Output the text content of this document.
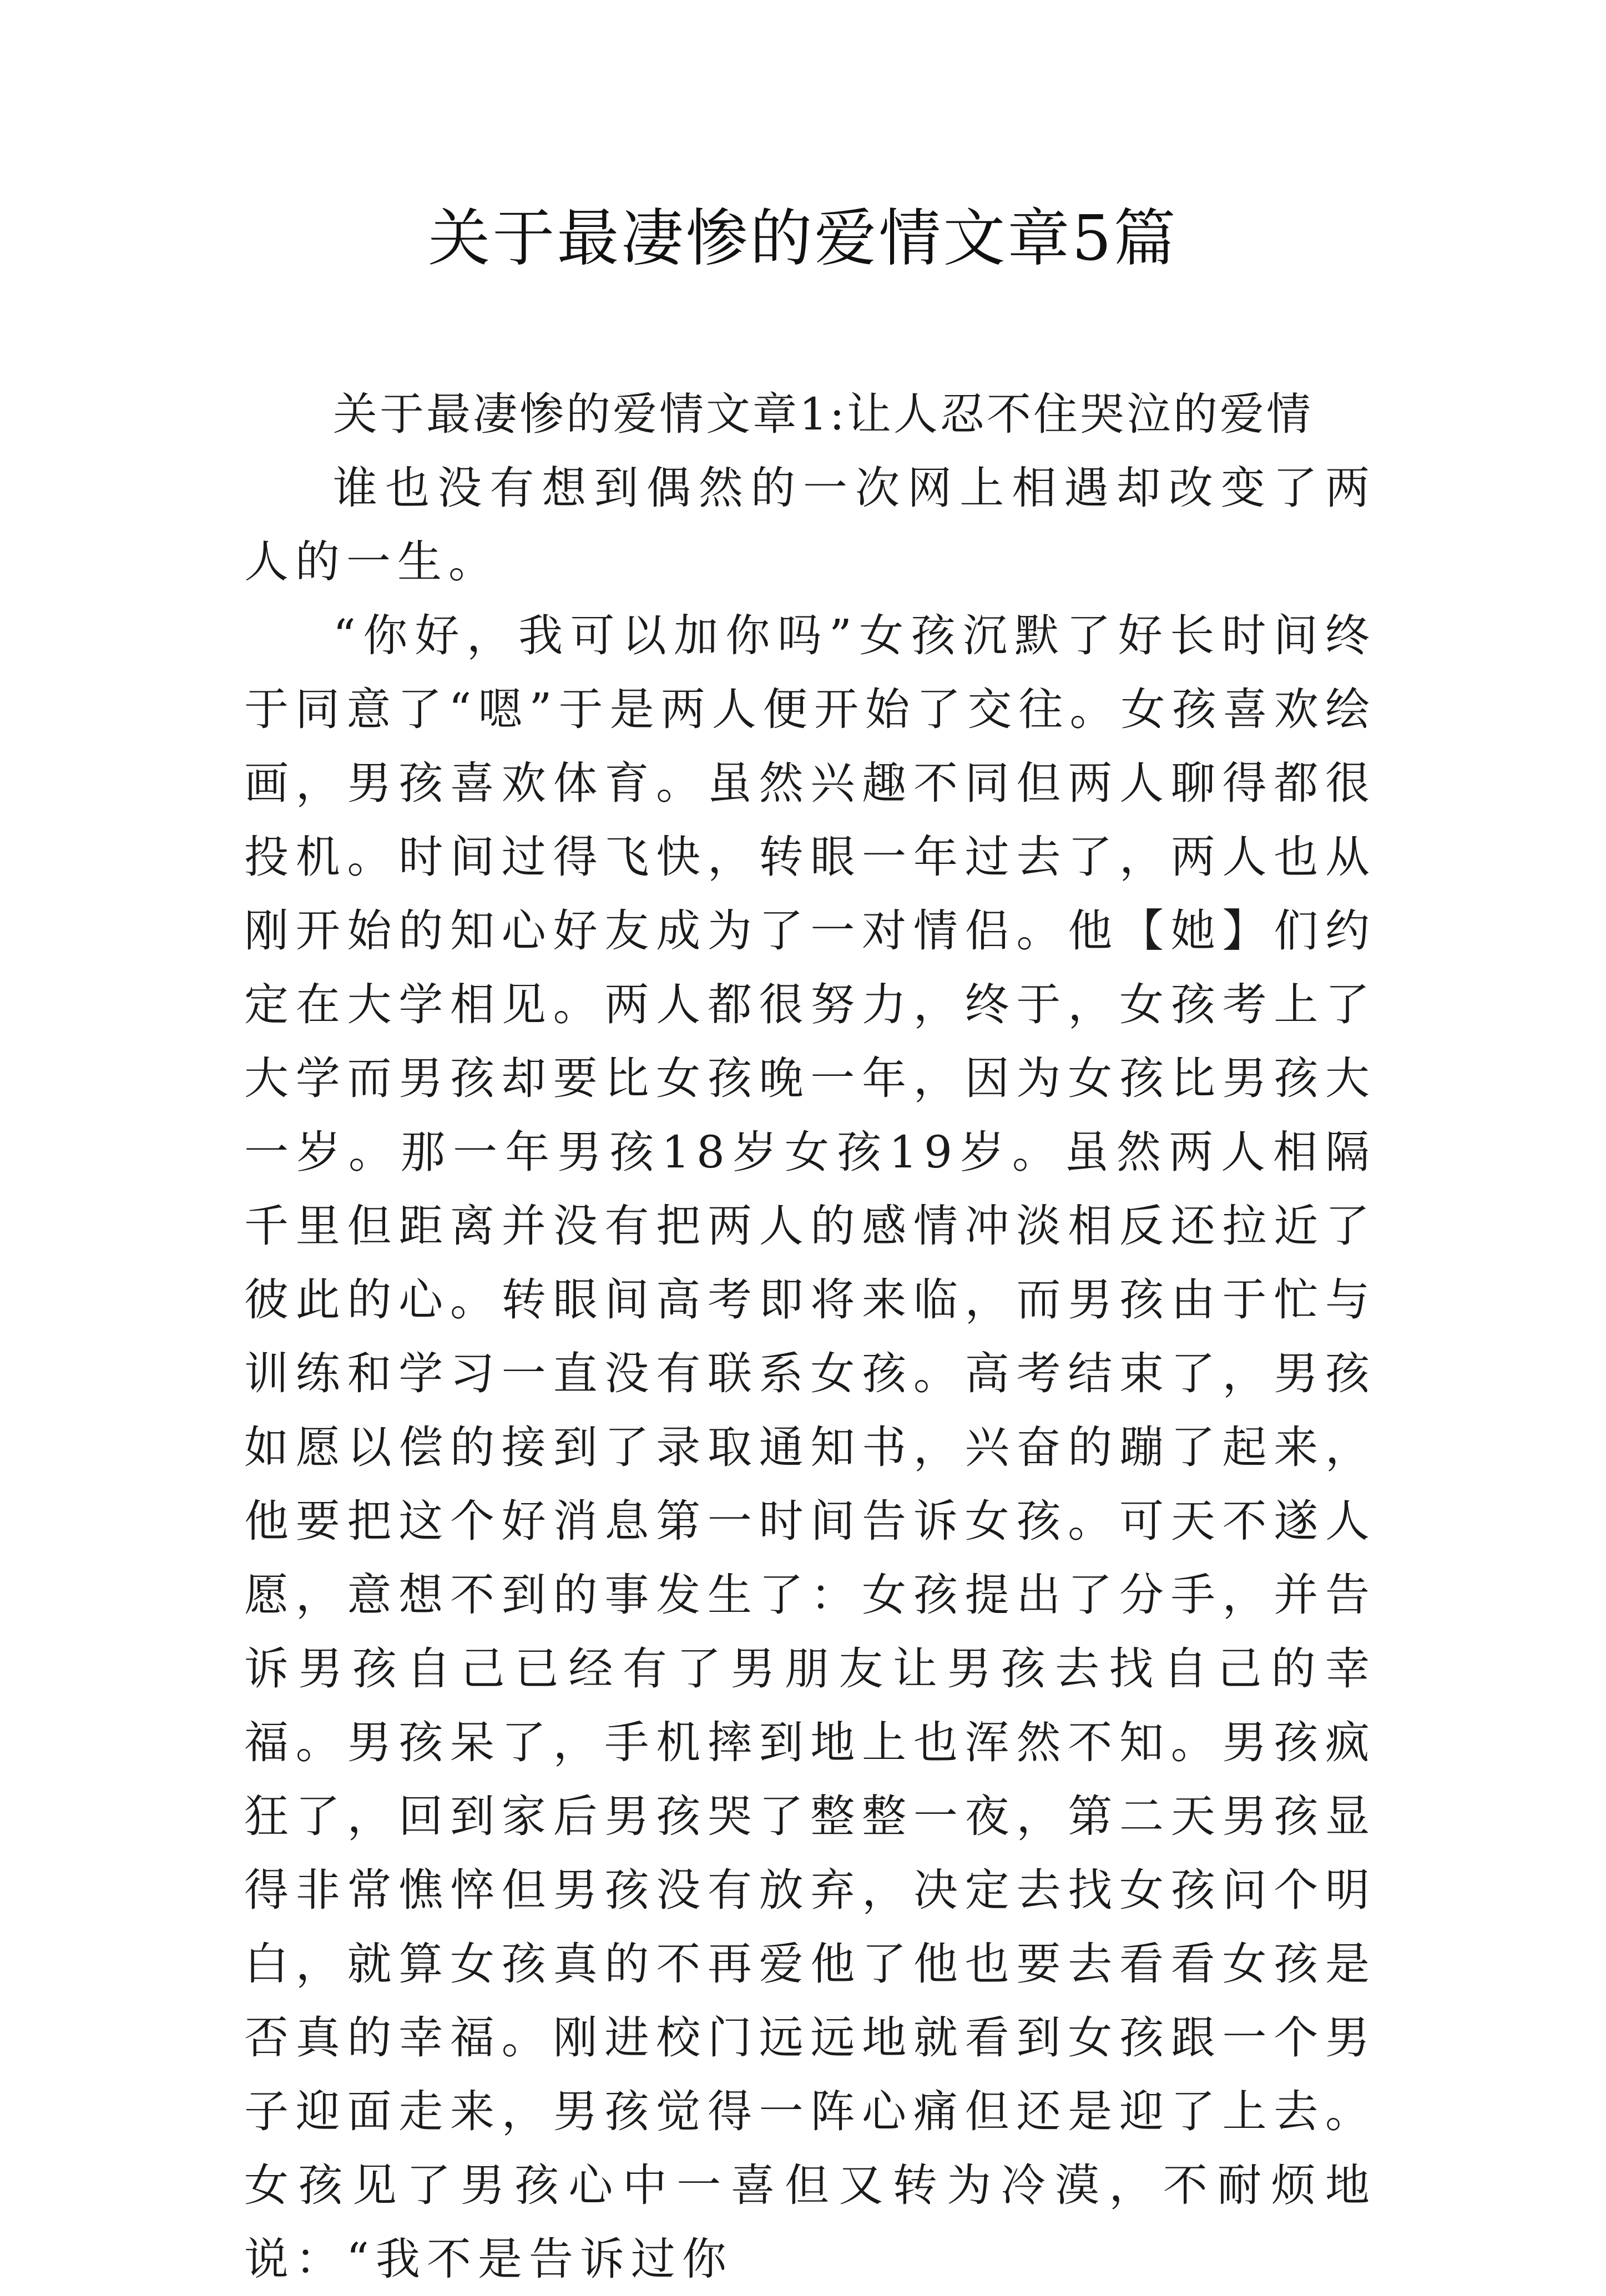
关于最凄惨的爱情文章5篇

关于最凄惨的爱情文章1:让人忍不住哭泣的爱情

谁也没有想到偶然的一次网上相遇却改变了两人的一生。

“你好，我可以加你吗”女孩沉默了好长时间终于同意了“嗯”于是两人便开始了交往。女孩喜欢绘画，男孩喜欢体育。虽然兴趣不同但两人聊得都很投机。时间过得飞快，转眼一年过去了，两人也从刚开始的知心好友成为了一对情侣。他【她】们约定在大学相见。两人都很努力，终于，女孩考上了大学而男孩却要比女孩晚一年，因为女孩比男孩大一岁。那一年男孩18岁女孩19岁。虽然两人相隔千里但距离并没有把两人的感情冲淡相反还拉近了彼此的心。转眼间高考即将来临，而男孩由于忙与训练和学习一直没有联系女孩。高考结束了，男孩如愿以偿的接到了录取通知书，兴奋的蹦了起来，他要把这个好消息第一时间告诉女孩。可天不遂人愿，意想不到的事发生了：女孩提出了分手，并告诉男孩自己已经有了男朋友让男孩去找自己的幸福。男孩呆了，手机摔到地上也浑然不知。男孩疯狂了，回到家后男孩哭了整整一夜，第二天男孩显得非常憔悴但男孩没有放弃，决定去找女孩问个明白，就算女孩真的不再爱他了他也要去看看女孩是否真的幸福。刚进校门远远地就看到女孩跟一个男子迎面走来，男孩觉得一阵心痛但还是迎了上去。女孩见了男孩心中一喜但又转为冷漠，不耐烦地说：“我不是告诉过你
